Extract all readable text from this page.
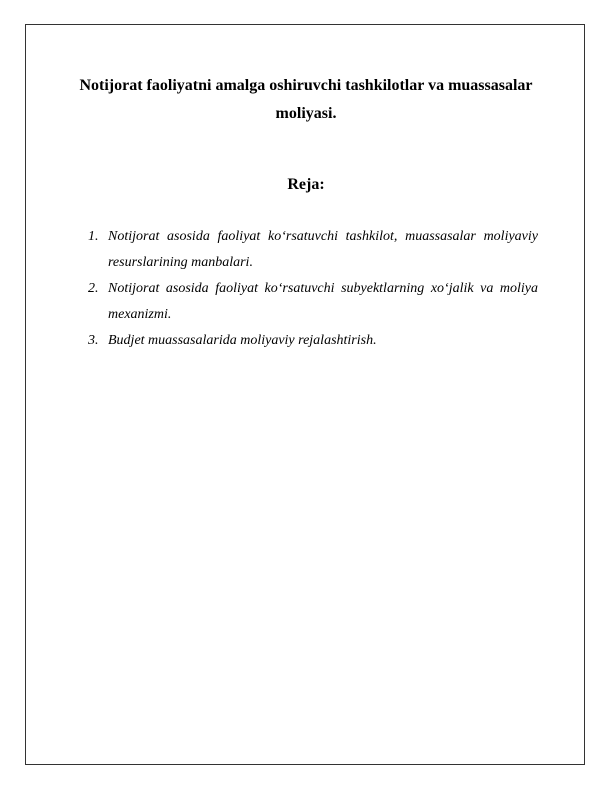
Notijorat faoliyatni amalga oshiruvchi tashkilotlar va muassasalar moliyasi.
Reja:
1. Notijorat asosida faoliyat ko‘rsatuvchi tashkilot, muassasalar moliyaviy resurslarining manbalari.
2. Notijorat asosida faoliyat ko‘rsatuvchi subyektlarning xo‘jalik va moliya mexanizmi.
3. Budjet muassasalarida moliyaviy rejalashtirish.
